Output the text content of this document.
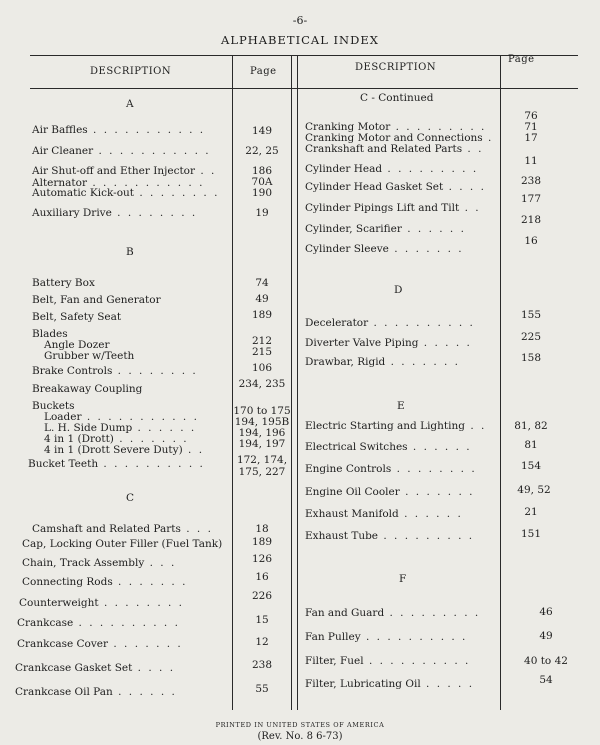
-6-
ALPHABETICAL INDEX
DESCRIPTION	Page	DESCRIPTION
Page
A
B
C
Air Baffles . . . . . . . . . . .
Air Cleaner . . . . . . . . . . .
Air Shut-off and Ether Injector . .
Alternator . . . . . . . . . . .
Automatic Kick-out . . . . . . . .
Auxiliary Drive . . . . . . . .
Battery Box
Belt, Fan and Generator
Belt, Safety Seat
Blades
Angle Dozer
Grubber w/Teeth
Brake Controls . . . . . . . .
Breakaway Coupling
Buckets
Loader . . . . . . . . . . .
L. H. Side Dump . . . . . .
4 in 1 (Drott) . . . . . . .
4 in 1 (Drott Severe Duty) . .
Bucket Teeth . . . . . . . . . .
Camshaft and Related Parts . . .
Cap, Locking Outer Filler (Fuel Tank)
Chain, Track Assembly . . .
Connecting Rods . . . . . . .
Counterweight . . . . . . . .
Crankcase . . . . . . . . . .
Crankcase Cover . . . . . . .
Crankcase Gasket Set . . . .
Crankcase Oil Pan . . . . . .
149
22, 25
186
70A
190
19
74
49
189
212
215
106
234, 235
170 to 175
194, 195B
194, 196
194, 197
172, 174,
175, 227
18
189
126
16
226
15
12
238
55
C - Continued
D
E
F
Cranking Motor . . . . . . . . .
Cranking Motor and Connections .
Crankshaft and Related Parts . .
Cylinder Head . . . . . . . . .
Cylinder Head Gasket Set . . . .
Cylinder Pipings Lift and Tilt . .
Cylinder, Scarifier . . . . . .
Cylinder Sleeve . . . . . . .
Decelerator . . . . . . . . . .
Diverter Valve Piping . . . . .
Drawbar, Rigid . . . . . . .
Electric Starting and Lighting . .
Electrical Switches . . . . . .
Engine Controls . . . . . . . .
Engine Oil Cooler . . . . . . .
Exhaust Manifold . . . . . .
Exhaust Tube . . . . . . . . .
Fan and Guard . . . . . . . . .
Fan Pulley . . . . . . . . . .
Filter, Fuel . . . . . . . . . .
Filter, Lubricating Oil . . . . .
76
71
17
11
238
177
218
16
155
225
158
81, 82
81
154
49, 52
21
151
46
49
40 to 42
54
PRINTED IN UNITED STATES OF AMERICA
(Rev. No. 8 6-73)
